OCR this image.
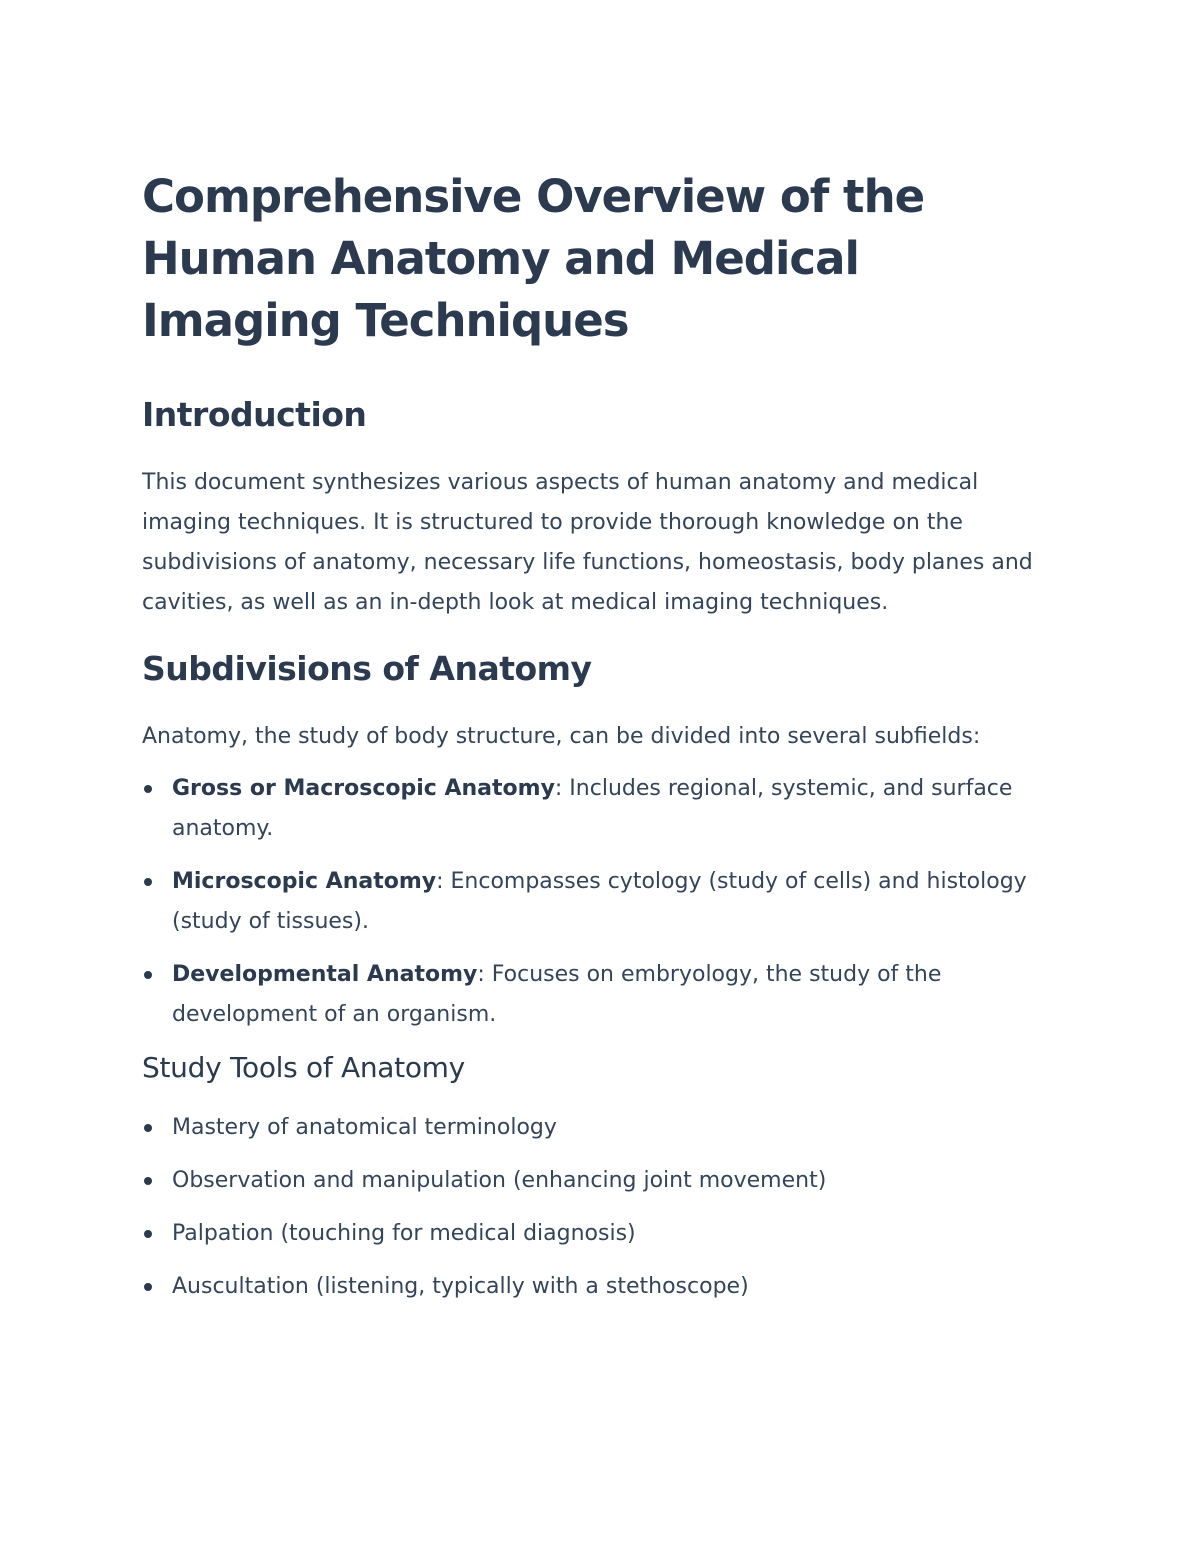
Comprehensive Overview of the Human Anatomy and Medical Imaging Techniques
Introduction

This document synthesizes various aspects of human anatomy and medical imaging techniques. It is structured to provide thorough knowledge on the subdivisions of anatomy, necessary life functions, homeostasis, body planes and cavities, as well as an in-depth look at medical imaging techniques.

Subdivisions of Anatomy

Anatomy, the study of body structure, can be divided into several subfields:

Gross or Macroscopic Anatomy: Includes regional, systemic, and surface anatomy.
Microscopic Anatomy: Encompasses cytology (study of cells) and histology (study of tissues).
Developmental Anatomy: Focuses on embryology, the study of the development of an organism.
Study Tools of Anatomy
Mastery of anatomical terminology
Observation and manipulation (enhancing joint movement)
Palpation (touching for medical diagnosis)
Auscultation (listening, typically with a stethoscope)
